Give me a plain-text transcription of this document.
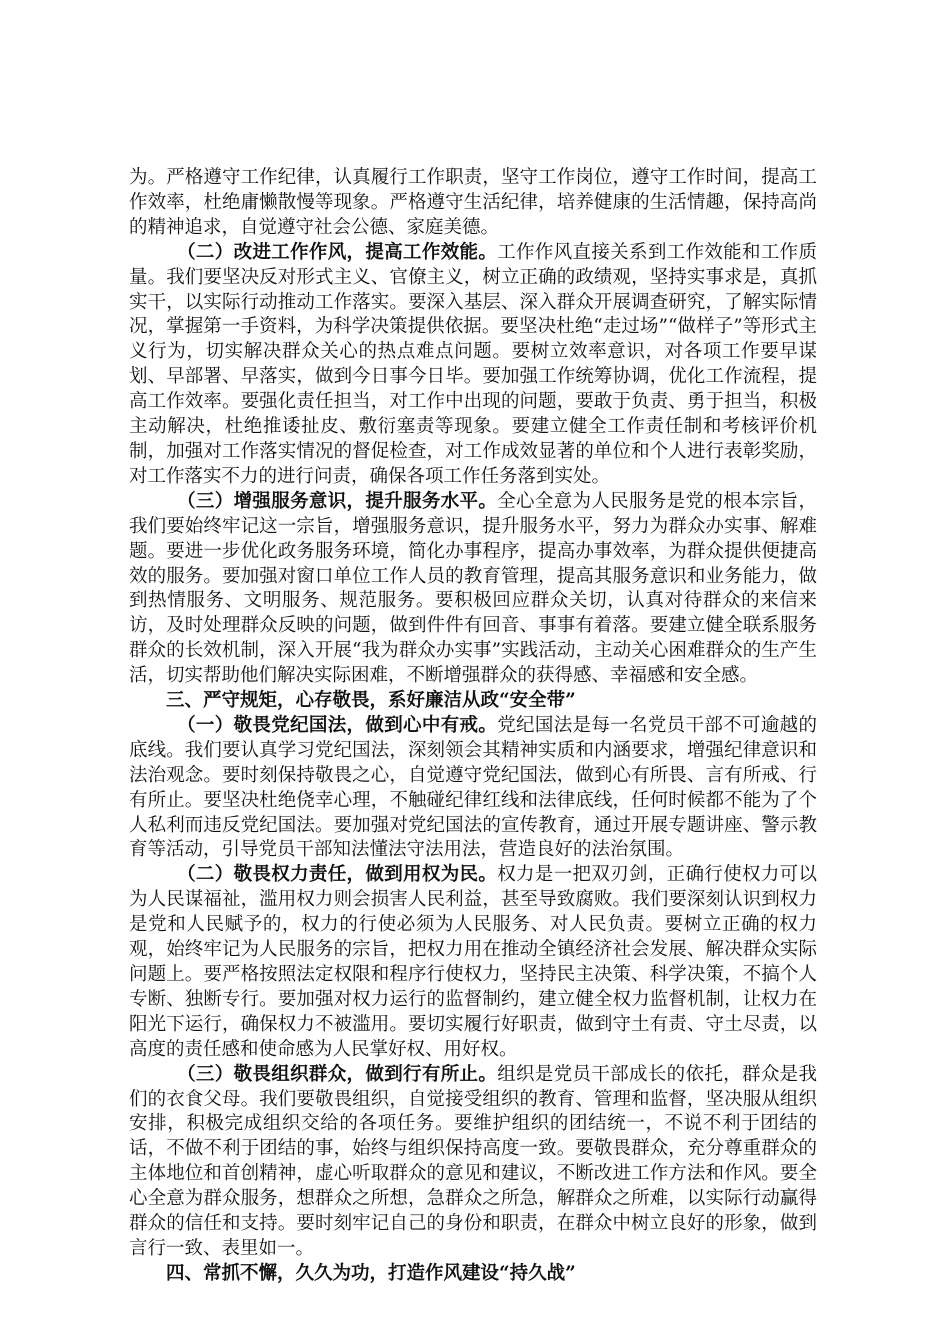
为。严格遵守工作纪律，认真履行工作职责，坚守工作岗位，遵守工作时间，提高工作效率，杜绝庸懒散慢等现象。严格遵守生活纪律，培养健康的生活情趣，保持高尚的精神追求，自觉遵守社会公德、家庭美德。

（二）改进工作作风，提高工作效能。工作作风直接关系到工作效能和工作质量。我们要坚决反对形式主义、官僚主义，树立正确的政绩观，坚持实事求是，真抓实干，以实际行动推动工作落实。要深入基层、深入群众开展调查研究，了解实际情况，掌握第一手资料，为科学决策提供依据。要坚决杜绝“走过场”“做样子”等形式主义行为，切实解决群众关心的热点难点问题。要树立效率意识，对各项工作要早谋划、早部署、早落实，做到今日事今日毕。要加强工作统筹协调，优化工作流程，提高工作效率。要强化责任担当，对工作中出现的问题，要敢于负责、勇于担当，积极主动解决，杜绝推诿扯皮、敷衍塞责等现象。要建立健全工作责任制和考核评价机制，加强对工作落实情况的督促检查，对工作成效显著的单位和个人进行表彰奖励，对工作落实不力的进行问责，确保各项工作任务落到实处。

（三）增强服务意识，提升服务水平。全心全意为人民服务是党的根本宗旨，我们要始终牢记这一宗旨，增强服务意识，提升服务水平，努力为群众办实事、解难题。要进一步优化政务服务环境，简化办事程序，提高办事效率，为群众提供便捷高效的服务。要加强对窗口单位工作人员的教育管理，提高其服务意识和业务能力，做到热情服务、文明服务、规范服务。要积极回应群众关切，认真对待群众的来信来访，及时处理群众反映的问题，做到件件有回音、事事有着落。要建立健全联系服务群众的长效机制，深入开展“我为群众办实事”实践活动，主动关心困难群众的生产生活，切实帮助他们解决实际困难，不断增强群众的获得感、幸福感和安全感。

三、严守规矩，心存敬畏，系好廉洁从政“安全带”

（一）敬畏党纪国法，做到心中有戒。党纪国法是每一名党员干部不可逾越的底线。我们要认真学习党纪国法，深刻领会其精神实质和内涵要求，增强纪律意识和法治观念。要时刻保持敬畏之心，自觉遵守党纪国法，做到心有所畏、言有所戒、行有所止。要坚决杜绝侥幸心理，不触碰纪律红线和法律底线，任何时候都不能为了个人私利而违反党纪国法。要加强对党纪国法的宣传教育，通过开展专题讲座、警示教育等活动，引导党员干部知法懂法守法用法，营造良好的法治氛围。

（二）敬畏权力责任，做到用权为民。权力是一把双刃剑，正确行使权力可以为人民谋福祉，滥用权力则会损害人民利益，甚至导致腐败。我们要深刻认识到权力是党和人民赋予的，权力的行使必须为人民服务、对人民负责。要树立正确的权力观，始终牢记为人民服务的宗旨，把权力用在推动全镇经济社会发展、解决群众实际问题上。要严格按照法定权限和程序行使权力，坚持民主决策、科学决策，不搞个人专断、独断专行。要加强对权力运行的监督制约，建立健全权力监督机制，让权力在阳光下运行，确保权力不被滥用。要切实履行好职责，做到守土有责、守土尽责，以高度的责任感和使命感为人民掌好权、用好权。

（三）敬畏组织群众，做到行有所止。组织是党员干部成长的依托，群众是我们的衣食父母。我们要敬畏组织，自觉接受组织的教育、管理和监督，坚决服从组织安排，积极完成组织交给的各项任务。要维护组织的团结统一，不说不利于团结的话，不做不利于团结的事，始终与组织保持高度一致。要敬畏群众，充分尊重群众的主体地位和首创精神，虚心听取群众的意见和建议，不断改进工作方法和作风。要全心全意为群众服务，想群众之所想，急群众之所急，解群众之所难，以实际行动赢得群众的信任和支持。要时刻牢记自己的身份和职责，在群众中树立良好的形象，做到言行一致、表里如一。

四、常抓不懈，久久为功，打造作风建设“持久战”
